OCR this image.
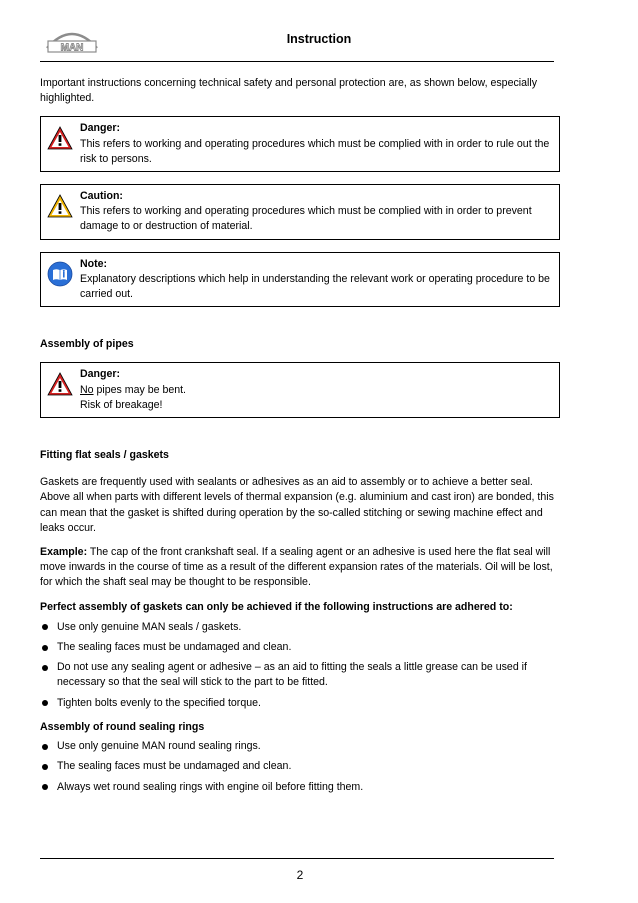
MAN
Instruction

Important instructions concerning technical safety and personal protection are, as shown below, especially highlighted.

Danger:
This refers to working and operating procedures which must be complied with in order to rule out the risk to persons.
Caution:
This refers to working and operating procedures which must be complied with in order to prevent damage to or destruction of material.
Note:
Explanatory descriptions which help in understanding the relevant work or operating procedure to be carried out.

Assembly of pipes

Danger:
No pipes may be bent.
Risk of breakage!

Fitting flat seals / gaskets

Gaskets are frequently used with sealants or adhesives as an aid to assembly or to achieve a better seal. Above all when parts with different levels of thermal expansion (e.g. aluminium and cast iron) are bonded, this can mean that the gasket is shifted during operation by the so-called stitching or sewing machine effect and leaks occur.

Example: The cap of the front crankshaft seal. If a sealing agent or an adhesive is used here the flat seal will move inwards in the course of time as a result of the different expansion rates of the materials. Oil will be lost, for which the shaft seal may be thought to be responsible.

Perfect assembly of gaskets can only be achieved if the following instructions are adhered to:

Use only genuine MAN seals / gaskets.
The sealing faces must be undamaged and clean.
Do not use any sealing agent or adhesive – as an aid to fitting the seals a little grease can be used if necessary so that the seal will stick to the part to be fitted.
Tighten bolts evenly to the specified torque.

Assembly of round sealing rings

Use only genuine MAN round sealing rings.
The sealing faces must be undamaged and clean.
Always wet round sealing rings with engine oil before fitting them.
2
